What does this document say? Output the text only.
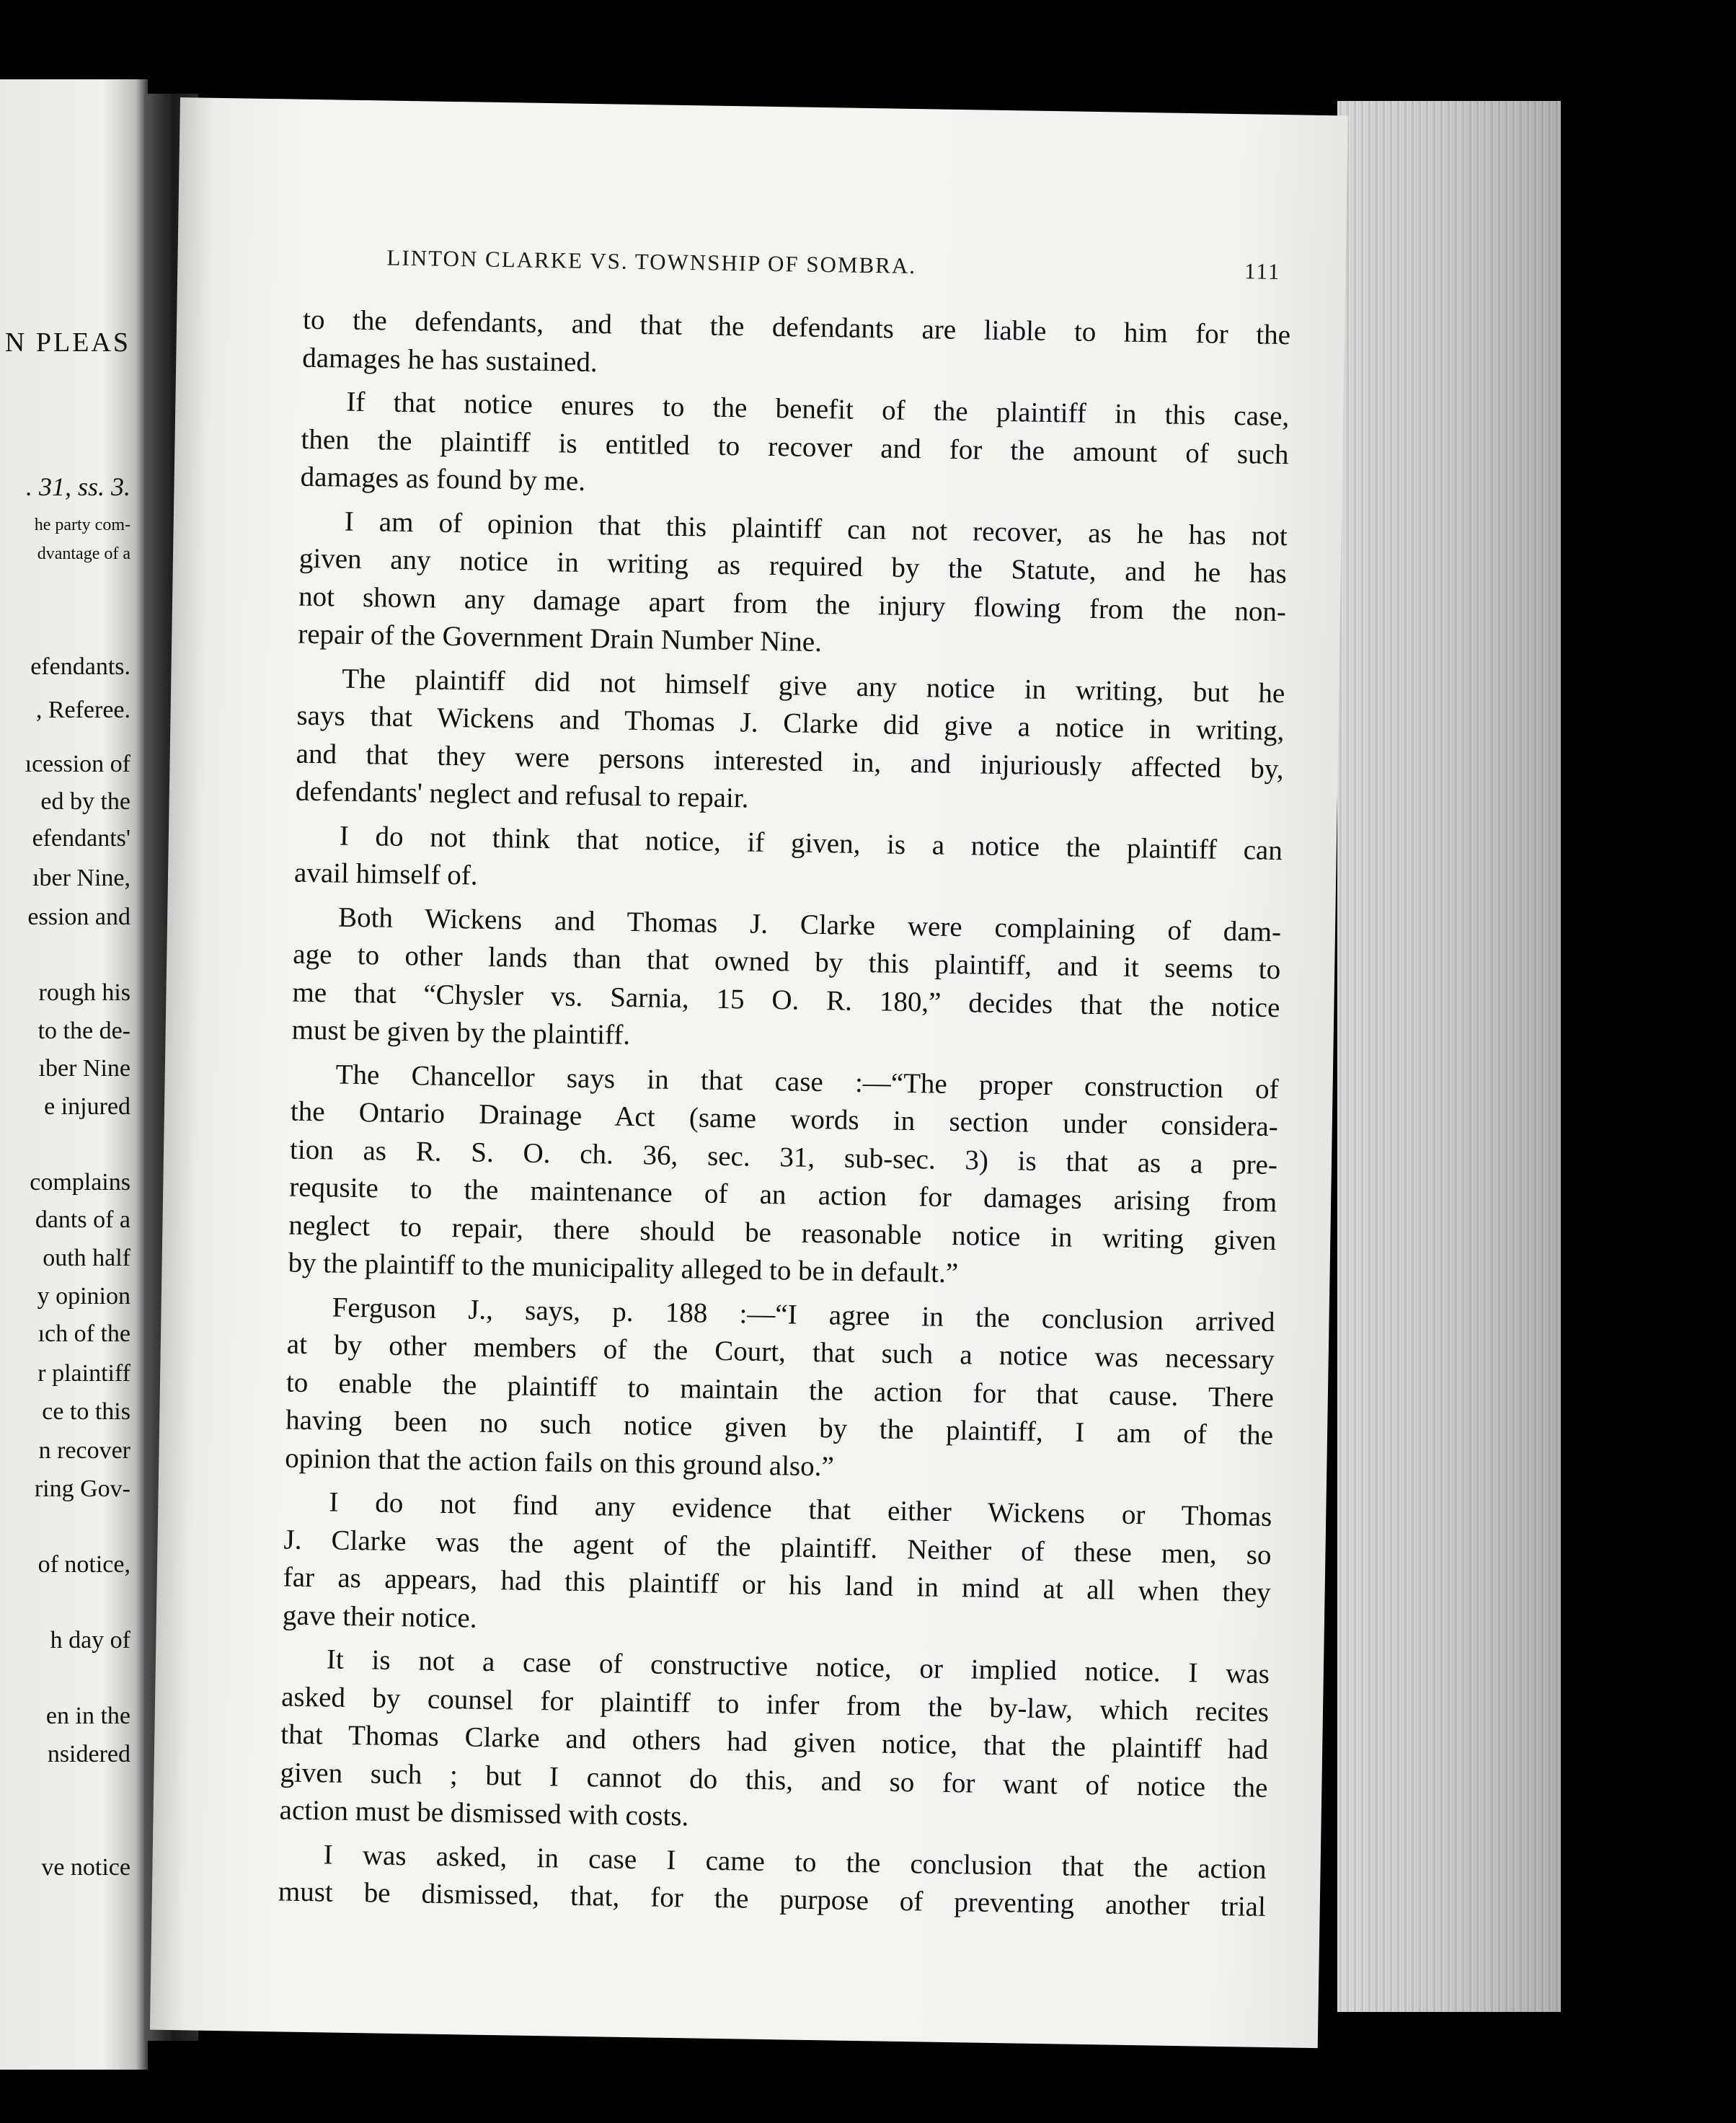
N PLEAS
. 31, ss. 3.
he party com-
dvantage of a
efendants.
, Referee.
ıcession of
ed by the
efendants'
ıber Nine,
ession and
rough his
to the de-
ıber Nine
e injured
complains
dants of a
outh half
y opinion
ıch of the
r plaintiff
ce to this
n recover
ring Gov-
of notice,
h day of
en in the
nsidered
ve notice
LINTON CLARKE VS. TOWNSHIP OF SOMBRA.	111
to the defendants, and that the defendants are liable to him for the
damages he has sustained.
If that notice enures to the benefit of the plaintiff in this case,
then the plaintiff is entitled to recover and for the amount of such
damages as found by me.
I am of opinion that this plaintiff can not recover, as he has not
given any notice in writing as required by the Statute, and he has
not shown any damage apart from the injury flowing from the non-
repair of the Government Drain Number Nine.
The plaintiff did not himself give any notice in writing, but he
says that Wickens and Thomas J. Clarke did give a notice in writing,
and that they were persons interested in, and injuriously affected by,
defendants' neglect and refusal to repair.
I do not think that notice, if given, is a notice the plaintiff can
avail himself of.
Both Wickens and Thomas J. Clarke were complaining of dam-
age to other lands than that owned by this plaintiff, and it seems to
me that “Chysler vs. Sarnia, 15 O. R. 180,” decides that the notice
must be given by the plaintiff.
The Chancellor says in that case :—“The proper construction of
the Ontario Drainage Act (same words in section under considera-
tion as R. S. O. ch. 36, sec. 31, sub-sec. 3) is that as a pre-
requsite to the maintenance of an action for damages arising from
neglect to repair, there should be reasonable notice in writing given
by the plaintiff to the municipality alleged to be in default.”
Ferguson J., says, p. 188 :—“I agree in the conclusion arrived
at by other members of the Court, that such a notice was necessary
to enable the plaintiff to maintain the action for that cause. There
having been no such notice given by the plaintiff, I am of the
opinion that the action fails on this ground also.”
I do not find any evidence that either Wickens or Thomas
J. Clarke was the agent of the plaintiff. Neither of these men, so
far as appears, had this plaintiff or his land in mind at all when they
gave their notice.
It is not a case of constructive notice, or implied notice. I was
asked by counsel for plaintiff to infer from the by-law, which recites
that Thomas Clarke and others had given notice, that the plaintiff had
given such ; but I cannot do this, and so for want of notice the
action must be dismissed with costs.
I was asked, in case I came to the conclusion that the action
must be dismissed, that, for the purpose of preventing another trial
